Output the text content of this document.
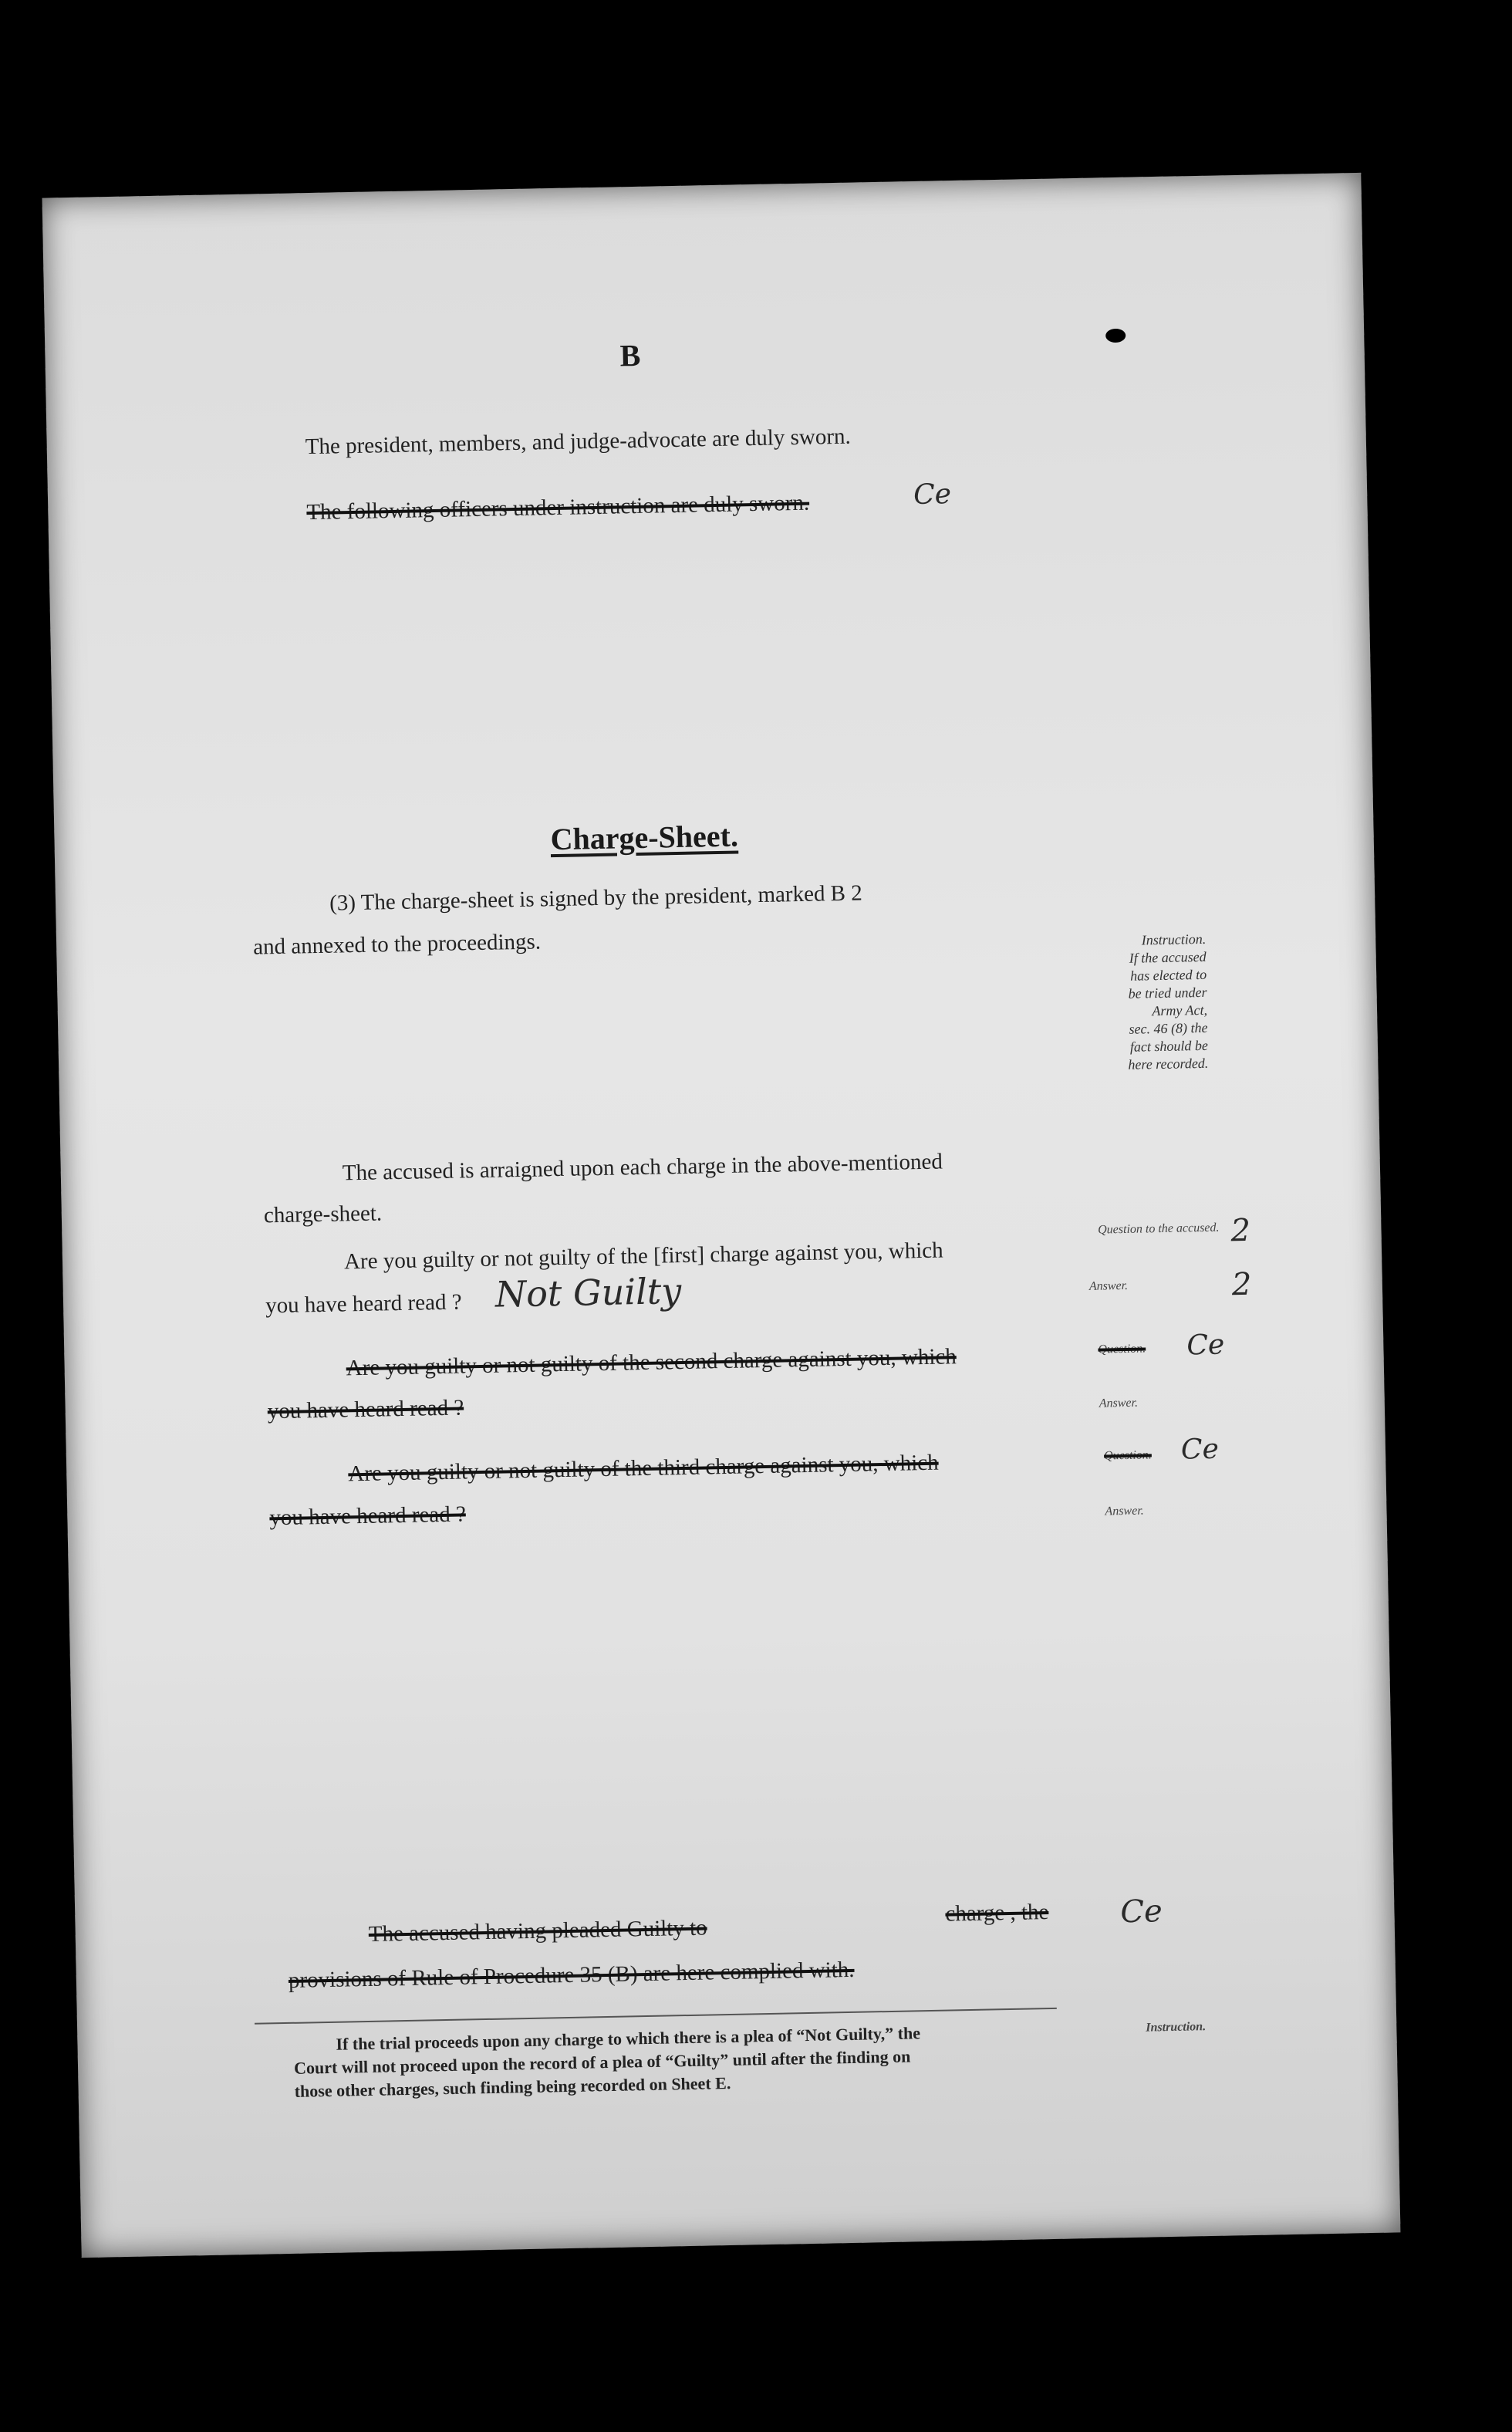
B
The president, members, and judge-advocate are duly sworn.
The following officers under instruction are duly sworn.	Ce
Charge-Sheet.
(3) The charge-sheet is signed by the president, marked B 2
and annexed to the proceedings.	Instruction.
If the accused
has elected to
be tried under
Army Act,
sec. 46 (8) the
fact should be
here recorded.
The accused is arraigned upon each charge in the above-mentioned
charge-sheet.
Are you guilty or not guilty of the [first] charge against you, which
you have heard read ? Not Guilty
Question to the accused. 2
Answer.	2
Are you guilty or not guilty of the second charge against you, which
you have heard read ?
Question. Ce
Answer.
Are you guilty or not guilty of the third charge against you, which
you have heard read ?
Question. Ce
Answer.
The accused having pleaded Guilty to
charge , the Ce
provisions of Rule of Procedure 35 (B) are here complied with.
If the trial proceeds upon any charge to which there is a plea of “Not Guilty,” the
Court will not proceed upon the record of a plea of “Guilty” until after the finding on
those other charges, such finding being recorded on Sheet E.
Instruction.
